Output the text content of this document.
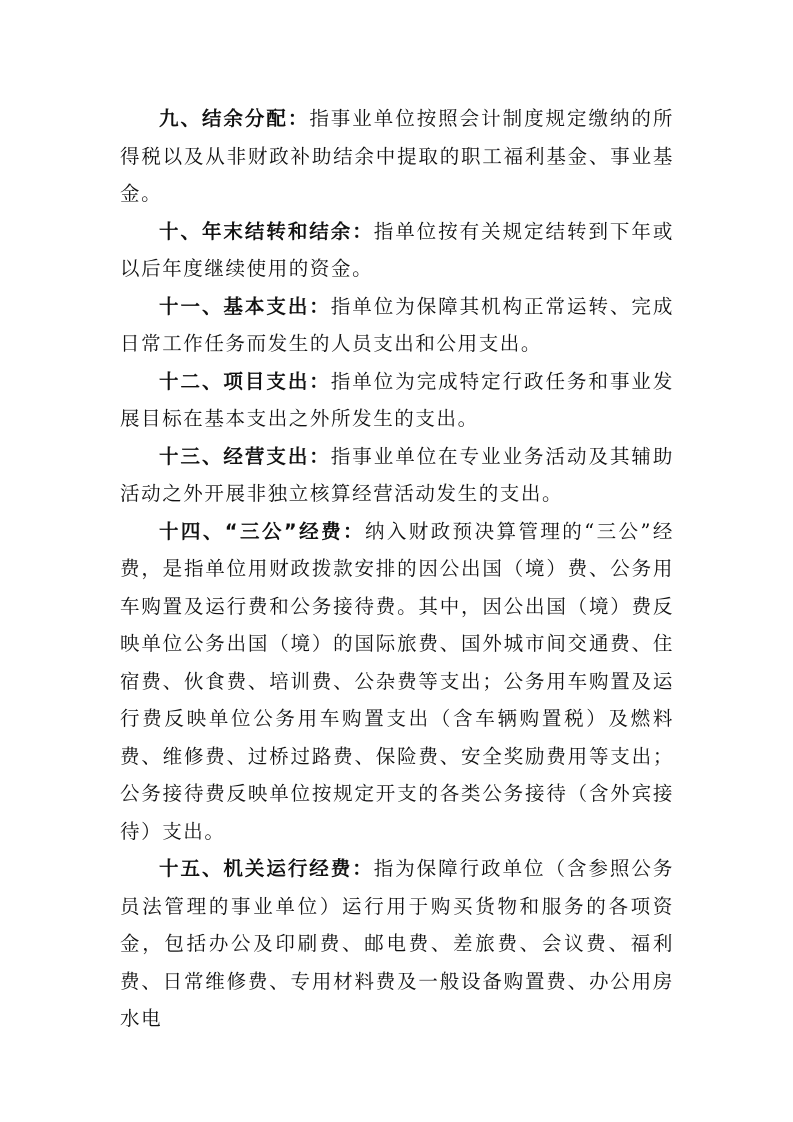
九、结余分配：指事业单位按照会计制度规定缴纳的所得税以及从非财政补助结余中提取的职工福利基金、事业基金。

十、年末结转和结余：指单位按有关规定结转到下年或以后年度继续使用的资金。

十一、基本支出：指单位为保障其机构正常运转、完成日常工作任务而发生的人员支出和公用支出。

十二、项目支出：指单位为完成特定行政任务和事业发展目标在基本支出之外所发生的支出。

十三、经营支出：指事业单位在专业业务活动及其辅助活动之外开展非独立核算经营活动发生的支出。

十四、“三公”经费：纳入财政预决算管理的“三公”经费，是指单位用财政拨款安排的因公出国（境）费、公务用车购置及运行费和公务接待费。其中，因公出国（境）费反映单位公务出国（境）的国际旅费、国外城市间交通费、住宿费、伙食费、培训费、公杂费等支出；公务用车购置及运行费反映单位公务用车购置支出（含车辆购置税）及燃料费、维修费、过桥过路费、保险费、安全奖励费用等支出；公务接待费反映单位按规定开支的各类公务接待（含外宾接待）支出。

十五、机关运行经费：指为保障行政单位（含参照公务员法管理的事业单位）运行用于购买货物和服务的各项资金，包括办公及印刷费、邮电费、差旅费、会议费、福利费、日常维修费、专用材料费及一般设备购置费、办公用房水电
